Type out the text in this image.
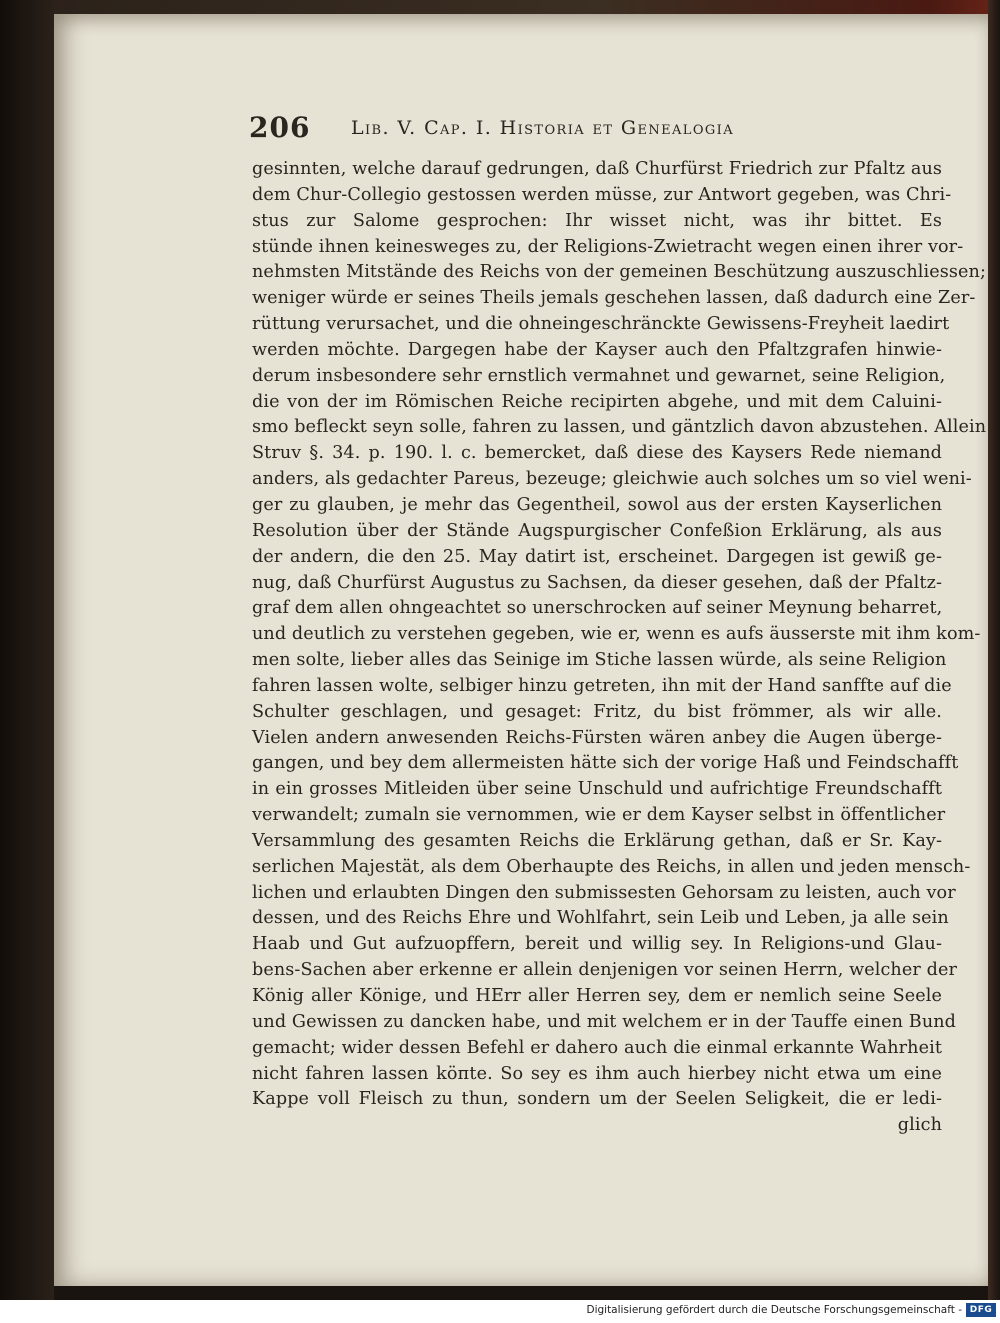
206 Lib. V. Cap. I. Historia et Genealogia
gesinnten, welche darauf gedrungen, daß Churfürst Friedrich zur Pfaltz aus
dem Chur-Collegio gestossen werden müsse, zur Antwort gegeben, was Chri-
stus zur Salome gesprochen: Ihr wisset nicht, was ihr bittet. Es
stünde ihnen keinesweges zu, der Religions-Zwietracht wegen einen ihrer vor-
nehmsten Mitstände des Reichs von der gemeinen Beschützung auszuschliessen;
weniger würde er seines Theils jemals geschehen lassen, daß dadurch eine Zer-
rüttung verursachet, und die ohneingeschränckte Gewissens-Freyheit laedirt
werden möchte. Dargegen habe der Kayser auch den Pfaltzgrafen hinwie-
derum insbesondere sehr ernstlich vermahnet und gewarnet, seine Religion,
die von der im Römischen Reiche recipirten abgehe, und mit dem Caluini-
smo befleckt seyn solle, fahren zu lassen, und gäntzlich davon abzustehen. Allein
Struv §. 34. p. 190. l. c. bemercket, daß diese des Kaysers Rede niemand
anders, als gedachter Pareus, bezeuge; gleichwie auch solches um so viel weni-
ger zu glauben, je mehr das Gegentheil, sowol aus der ersten Kayserlichen
Resolution über der Stände Augspurgischer Confeßion Erklärung, als aus
der andern, die den 25. May datirt ist, erscheinet. Dargegen ist gewiß ge-
nug, daß Churfürst Augustus zu Sachsen, da dieser gesehen, daß der Pfaltz-
graf dem allen ohngeachtet so unerschrocken auf seiner Meynung beharret,
und deutlich zu verstehen gegeben, wie er, wenn es aufs äusserste mit ihm kom-
men solte, lieber alles das Seinige im Stiche lassen würde, als seine Religion
fahren lassen wolte, selbiger hinzu getreten, ihn mit der Hand sanffte auf die
Schulter geschlagen, und gesaget: Fritz, du bist frömmer, als wir alle.
Vielen andern anwesenden Reichs-Fürsten wären anbey die Augen überge-
gangen, und bey dem allermeisten hätte sich der vorige Haß und Feindschafft
in ein grosses Mitleiden über seine Unschuld und aufrichtige Freundschafft
verwandelt; zumaln sie vernommen, wie er dem Kayser selbst in öffentlicher
Versammlung des gesamten Reichs die Erklärung gethan, daß er Sr. Kay-
serlichen Majestät, als dem Oberhaupte des Reichs, in allen und jeden mensch-
lichen und erlaubten Dingen den submissesten Gehorsam zu leisten, auch vor
dessen, und des Reichs Ehre und Wohlfahrt, sein Leib und Leben, ja alle sein
Haab und Gut aufzuopffern, bereit und willig sey. In Religions-und Glau-
bens-Sachen aber erkenne er allein denjenigen vor seinen Herrn, welcher der
König aller Könige, und HErr aller Herren sey, dem er nemlich seine Seele
und Gewissen zu dancken habe, und mit welchem er in der Tauffe einen Bund
gemacht; wider dessen Befehl er dahero auch die einmal erkannte Wahrheit
nicht fahren lassen köпte. So sey es ihm auch hierbey nicht etwa um eine
Kappe voll Fleisch zu thun, sondern um der Seelen Seligkeit, die er ledi-
glich
Digitalisierung gefördert durch die Deutsche Forschungsgemeinschaft - DFG
